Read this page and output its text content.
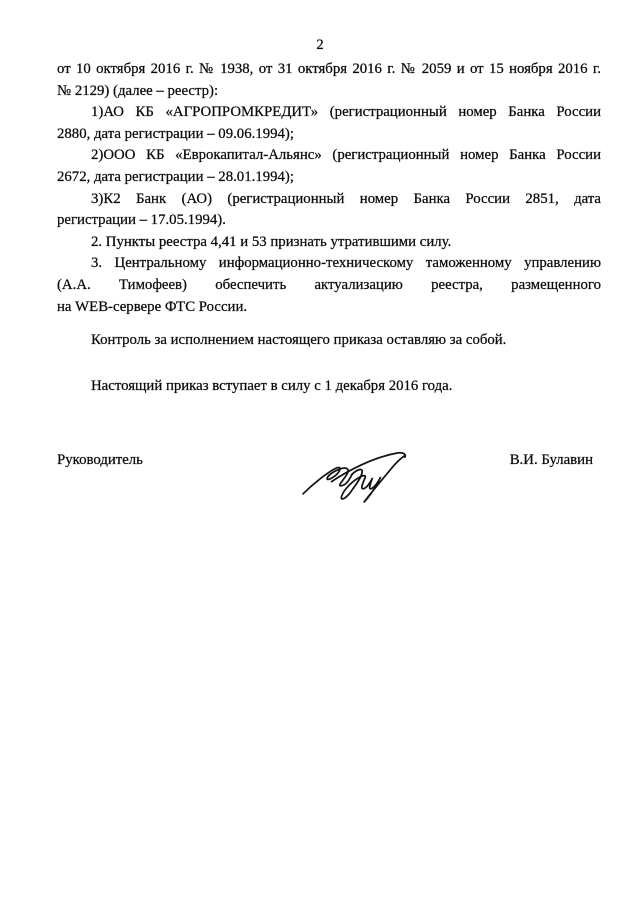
2
от 10 октября 2016 г. № 1938, от 31 октября 2016 г. № 2059 и от 15 ноября 2016 г.
№ 2129) (далее – реестр):
1)АО КБ «АГРОПРОМКРЕДИТ» (регистрационный номер Банка России
2880, дата регистрации – 09.06.1994);
2)ООО КБ «Еврокапитал-Альянс» (регистрационный номер Банка России
2672, дата регистрации – 28.01.1994);
3)К2 Банк (АО) (регистрационный номер Банка России 2851, дата
регистрации – 17.05.1994).
2. Пункты реестра 4,41 и 53 признать утратившими силу.
3. Центральному информационно-техническому таможенному управлению
(А.А. Тимофеев) обеспечить актуализацию реестра, размещенного
на WEB-сервере ФТС России.
Контроль за исполнением настоящего приказа оставляю за собой.
Настоящий приказ вступает в силу с 1 декабря 2016 года.
Руководитель	В.И. Булавин
